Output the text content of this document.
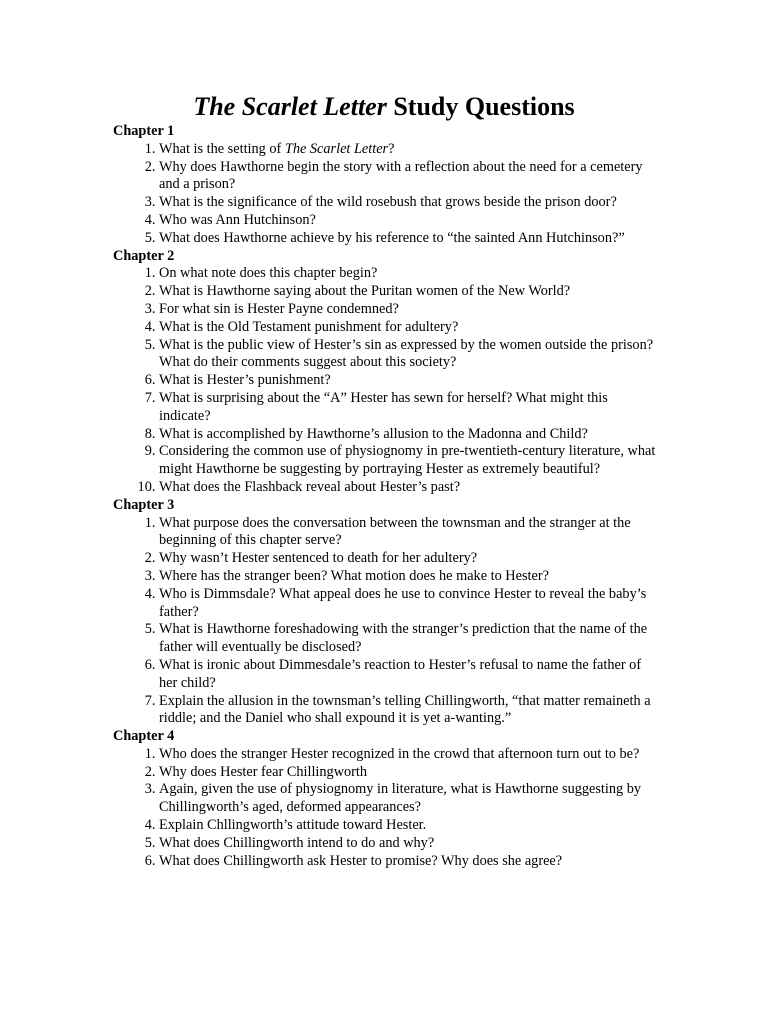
The Scarlet Letter Study Questions
Chapter 1
1. What is the setting of The Scarlet Letter?
2. Why does Hawthorne begin the story with a reflection about the need for a cemetery and a prison?
3. What is the significance of the wild rosebush that grows beside the prison door?
4. Who was Ann Hutchinson?
5. What does Hawthorne achieve by his reference to “the sainted Ann Hutchinson?”
Chapter 2
1. On what note does this chapter begin?
2. What is Hawthorne saying about the Puritan women of the New World?
3. For what sin is Hester Payne condemned?
4. What is the Old Testament punishment for adultery?
5. What is the public view of Hester’s sin as expressed by the women outside the prison? What do their comments suggest about this society?
6. What is Hester’s punishment?
7. What is surprising about the “A” Hester has sewn for herself? What might this indicate?
8. What is accomplished by Hawthorne’s allusion to the Madonna and Child?
9. Considering the common use of physiognomy in pre-twentieth-century literature, what might Hawthorne be suggesting by portraying Hester as extremely beautiful?
10. What does the Flashback reveal about Hester’s past?
Chapter 3
1. What purpose does the conversation between the townsman and the stranger at the beginning of this chapter serve?
2. Why wasn’t Hester sentenced to death for her adultery?
3. Where has the stranger been? What motion does he make to Hester?
4. Who is Dimmsdale? What appeal does he use to convince Hester to reveal the baby’s father?
5. What is Hawthorne foreshadowing with the stranger’s prediction that the name of the father will eventually be disclosed?
6. What is ironic about Dimmesdale’s reaction to Hester’s refusal to name the father of her child?
7. Explain the allusion in the townsman’s telling Chillingworth, “that matter remaineth a riddle; and the Daniel who shall expound it is yet a-wanting.”
Chapter 4
1. Who does the stranger Hester recognized in the crowd that afternoon turn out to be?
2. Why does Hester fear Chillingworth
3. Again, given the use of physiognomy in literature, what is Hawthorne suggesting by Chillingworth’s aged, deformed appearances?
4. Explain Chllingworth’s attitude toward Hester.
5. What does Chillingworth intend to do and why?
6. What does Chillingworth ask Hester to promise? Why does she agree?
